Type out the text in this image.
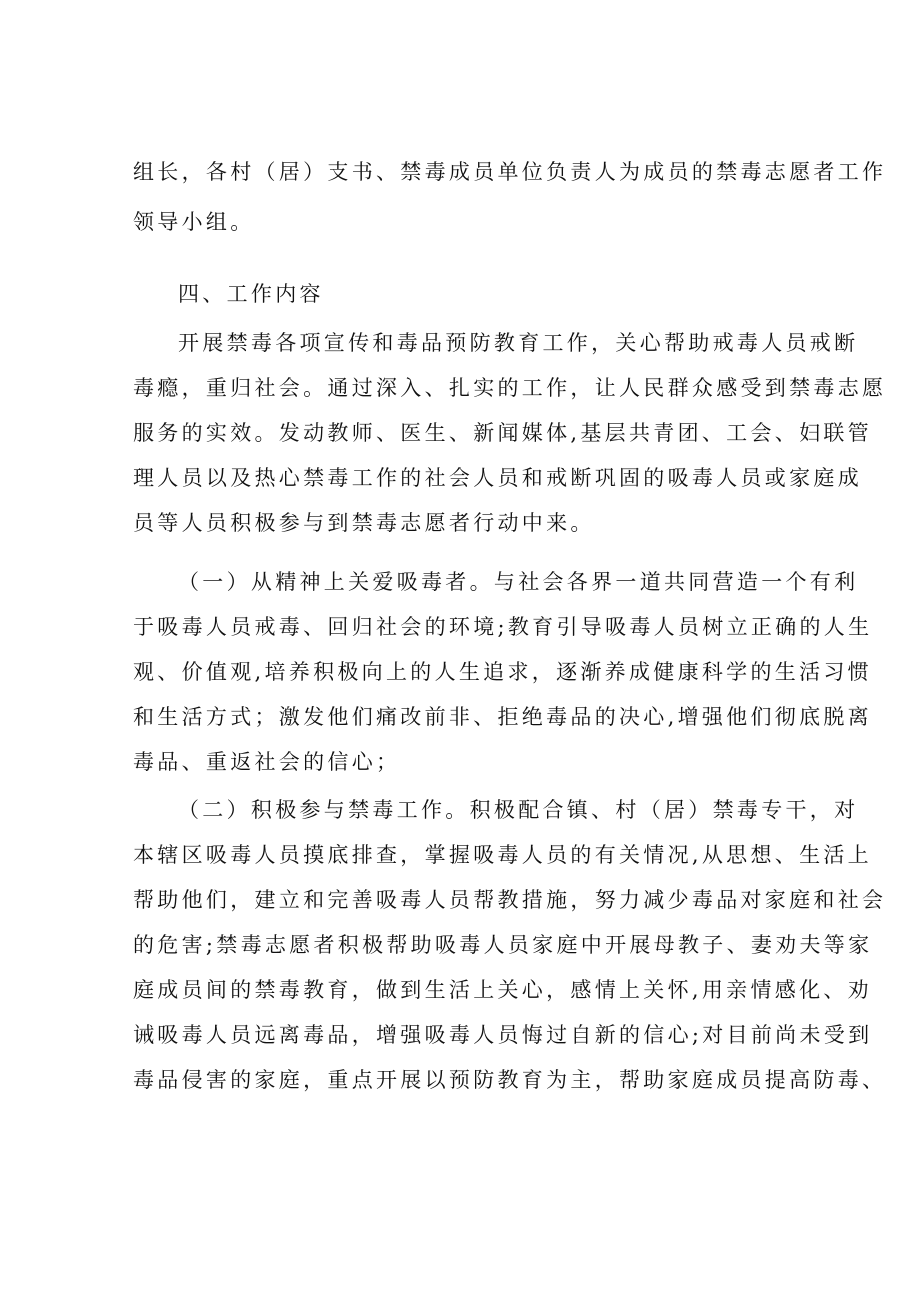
组长，各村（居）支书、禁毒成员单位负责人为成员的禁毒志愿者工作
领导小组。
四、工作内容
开展禁毒各项宣传和毒品预防教育工作，关心帮助戒毒人员戒断
毒瘾，重归社会。通过深入、扎实的工作，让人民群众感受到禁毒志愿
服务的实效。发动教师、医生、新闻媒体,基层共青团、工会、妇联管
理人员以及热心禁毒工作的社会人员和戒断巩固的吸毒人员或家庭成
员等人员积极参与到禁毒志愿者行动中来。
（一）从精神上关爱吸毒者。与社会各界一道共同营造一个有利
于吸毒人员戒毒、回归社会的环境;教育引导吸毒人员树立正确的人生
观、价值观,培养积极向上的人生追求，逐渐养成健康科学的生活习惯
和生活方式；激发他们痛改前非、拒绝毒品的决心,增强他们彻底脱离
毒品、重返社会的信心；
（二）积极参与禁毒工作。积极配合镇、村（居）禁毒专干，对
本辖区吸毒人员摸底排查，掌握吸毒人员的有关情况,从思想、生活上
帮助他们，建立和完善吸毒人员帮教措施，努力减少毒品对家庭和社会
的危害;禁毒志愿者积极帮助吸毒人员家庭中开展母教子、妻劝夫等家
庭成员间的禁毒教育，做到生活上关心，感情上关怀,用亲情感化、劝
诫吸毒人员远离毒品，增强吸毒人员悔过自新的信心;对目前尚未受到
毒品侵害的家庭，重点开展以预防教育为主，帮助家庭成员提高防毒、
